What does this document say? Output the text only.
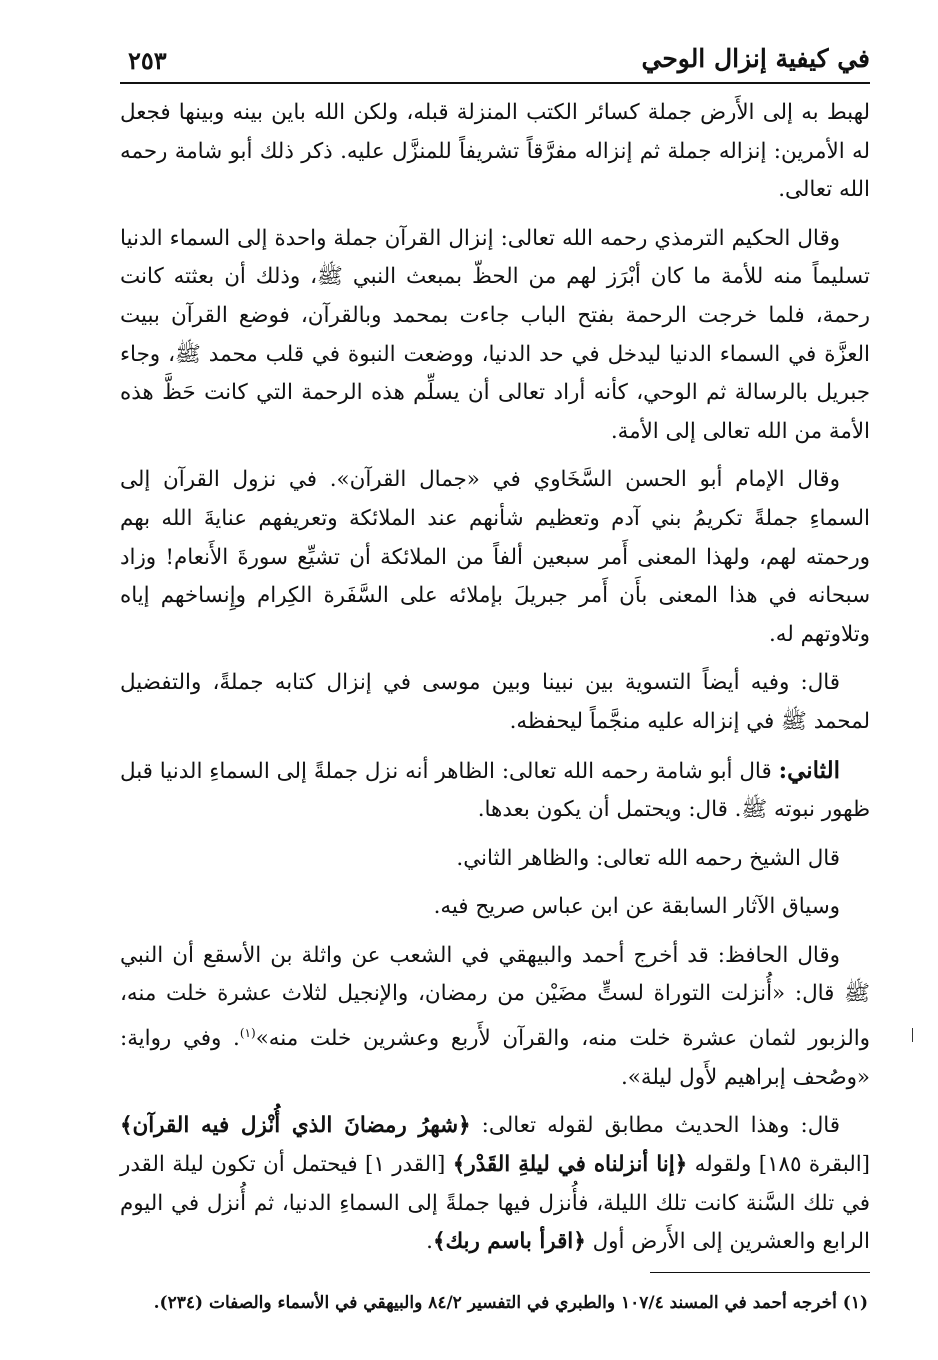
في كيفية إنزال الوحي
٢٥٣

لهبط به إلى الأَرض جملة كسائر الكتب المنزلة قبله، ولكن الله باين بينه وبينها فجعل له الأمرين: إنزاله جملة ثم إنزاله مفرَّقاً تشريفاً للمنزَّل عليه. ذكر ذلك أبو شامة رحمه الله تعالى.

وقال الحكيم الترمذي رحمه الله تعالى: إنزال القرآن جملة واحدة إلى السماء الدنيا تسليماً منه للأمة ما كان أبْرَز لهم من الحظّ بمبعث النبي ﷺ، وذلك أن بعثته كانت رحمة، فلما خرجت الرحمة بفتح الباب جاءت بمحمد وبالقرآن، فوضع القرآن ببيت العزَّة في السماء الدنيا ليدخل في حد الدنيا، ووضعت النبوة في قلب محمد ﷺ، وجاء جبريل بالرسالة ثم الوحي، كأنه أراد تعالى أن يسلِّم هذه الرحمة التي كانت حَظَّ هذه الأمة من الله تعالى إلى الأمة.

وقال الإمام أبو الحسن السَّخَاوي في «جمال القرآن». في نزول القرآن إلى السماءِ جملةً تكريمُ بني آدم وتعظيم شأنهم عند الملائكة وتعريفهم عنايةَ الله بهم ورحمته لهم، ولهذا المعنى أَمر سبعين ألفاً من الملائكة أن تشيِّع سورةَ الأَنعام! وزاد سبحانه في هذا المعنى بأَن أَمر جبريلَ بإملائه على السَّفَرة الكِرام وإِنساخهم إياه وتلاوتهم له.

قال: وفيه أيضاً التسوية بين نبينا وبين موسى في إنزال كتابه جملةً، والتفضيل لمحمد ﷺ في إنزاله عليه منجَّماً ليحفظه.

الثاني: قال أبو شامة رحمه الله تعالى: الظاهر أنه نزل جملةً إلى السماءِ الدنيا قبل ظهور نبوته ﷺ. قال: ويحتمل أن يكون بعدها.

قال الشيخ رحمه الله تعالى: والظاهر الثاني.

وسياق الآثار السابقة عن ابن عباس صريح فيه.

وقال الحافظ: قد أخرج أحمد والبيهقي في الشعب عن واثلة بن الأسقع أن النبي ﷺ قال: «أُنزلت التوراة لستٍّ مضَيْن من رمضان، والإنجيل لثلاث عشرة خلت منه، والزبور لثمان عشرة خلت منه، والقرآن لأَربع وعشرين خلت منه»$^{(١)}$. وفي رواية: «وصُحف إبراهيم لأَول ليلة».

قال: وهذا الحديث مطابق لقوله تعالى: ﴿شهرُ رمضانَ الذي أُنْزل فيه القرآن﴾ [البقرة ١٨٥] ولقوله ﴿إنا أنزلناه في ليلةِ القَدْر﴾ [القدر ١] فيحتمل أن تكون ليلة القدر في تلك السَّنة كانت تلك الليلة، فأُنزل فيها جملةً إلى السماءِ الدنيا، ثم أُنزل في اليوم الرابع والعشرين إلى الأَرض أول ﴿اقرأ باسم ربك﴾.

(١) أخرجه أحمد في المسند ١٠٧/٤ والطبري في التفسير ٨٤/٢ والبيهقي في الأسماء والصفات (٢٣٤).
